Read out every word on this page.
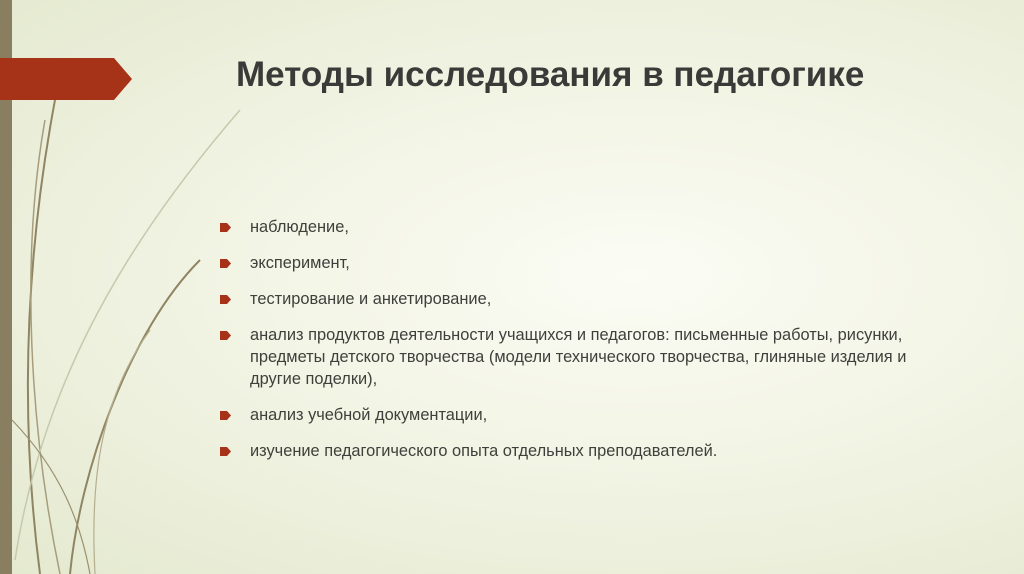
Методы исследования в педагогике
наблюдение,
эксперимент,
тестирование и анкетирование,
анализ продуктов деятельности учащихся и педагогов: письменные работы, рисунки, предметы детского творчества (модели технического творчества, глиняные изделия и другие поделки),
анализ учебной документации,
изучение педагогического опыта отдельных преподавателей.
